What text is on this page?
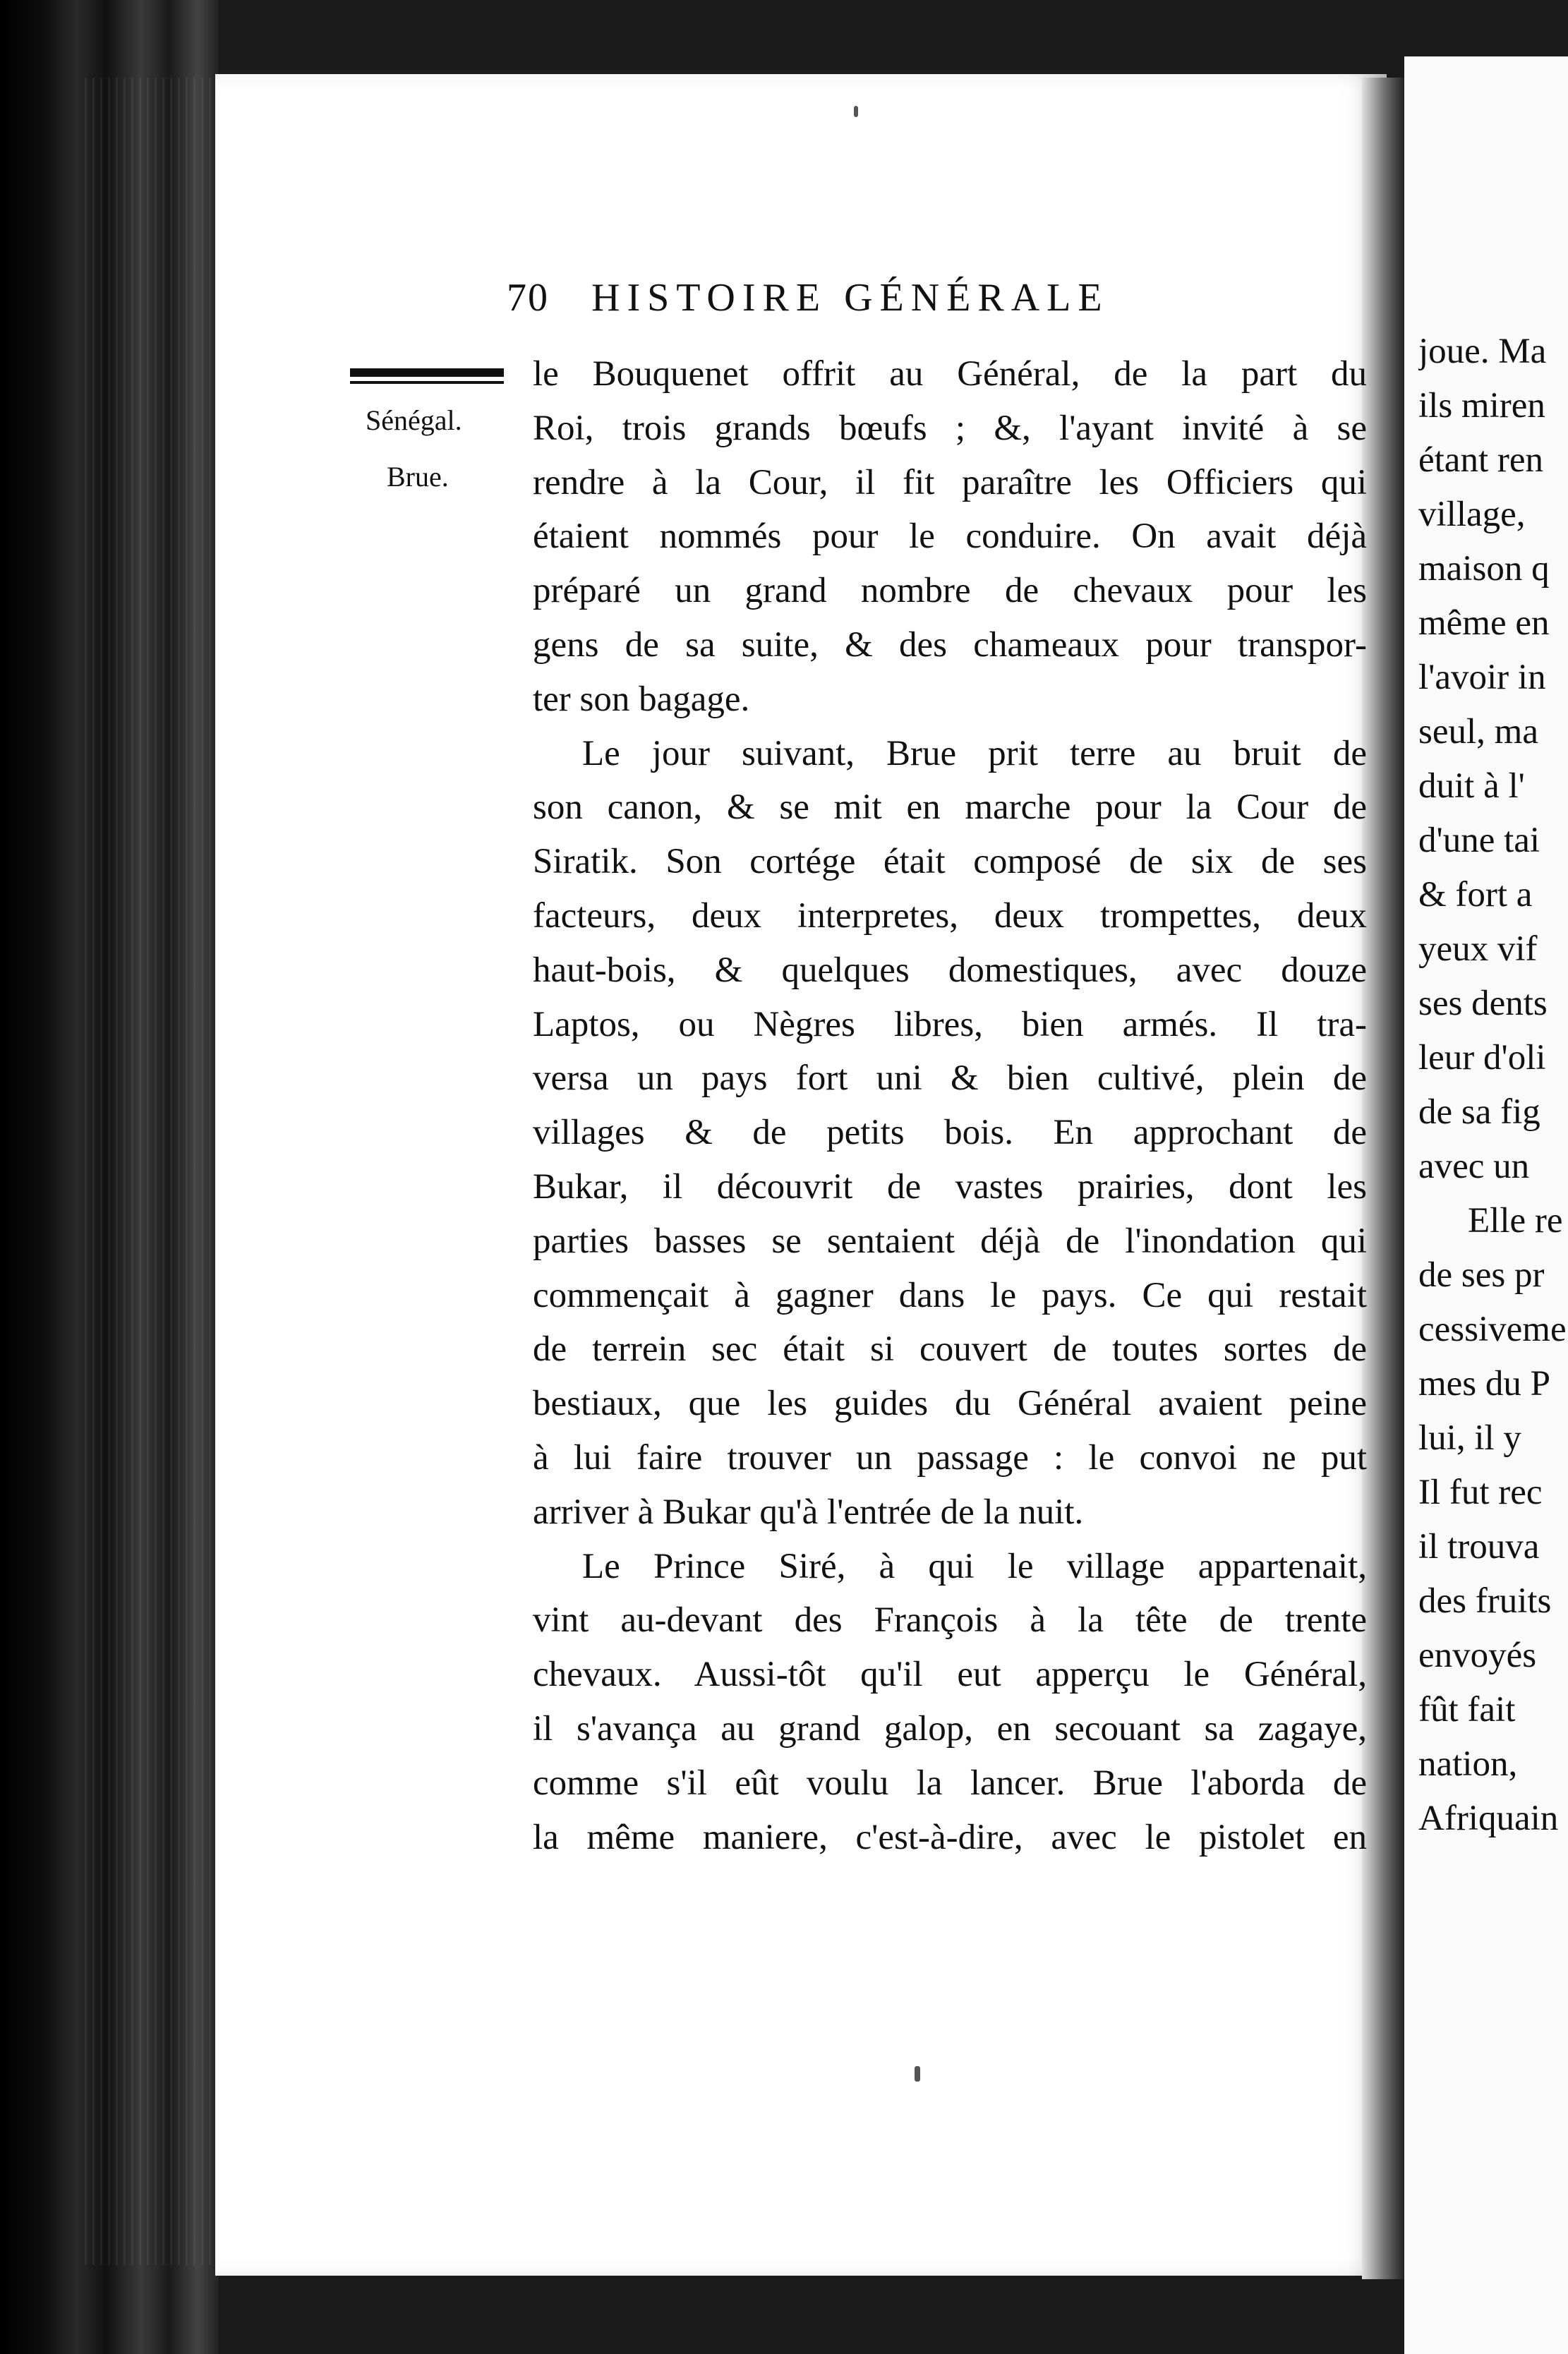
70 HISTOIRE GÉNÉRALE
Sénégal.
Brue.
le Bouquenet offrit au Général, de la part du
Roi, trois grands bœufs ; &, l'ayant invité à se
rendre à la Cour, il fit paraître les Officiers qui
étaient nommés pour le conduire. On avait déjà
préparé un grand nombre de chevaux pour les
gens de sa suite, & des chameaux pour transpor-
ter son bagage.
Le jour suivant, Brue prit terre au bruit de
son canon, & se mit en marche pour la Cour de
Siratik. Son cortége était composé de six de ses
facteurs, deux interpretes, deux trompettes, deux
haut-bois, & quelques domestiques, avec douze
Laptos, ou Nègres libres, bien armés. Il tra-
versa un pays fort uni & bien cultivé, plein de
villages & de petits bois. En approchant de
Bukar, il découvrit de vastes prairies, dont les
parties basses se sentaient déjà de l'inondation qui
commençait à gagner dans le pays. Ce qui restait
de terrein sec était si couvert de toutes sortes de
bestiaux, que les guides du Général avaient peine
à lui faire trouver un passage : le convoi ne put
arriver à Bukar qu'à l'entrée de la nuit.
Le Prince Siré, à qui le village appartenait,
vint au-devant des François à la tête de trente
chevaux. Aussi-tôt qu'il eut apperçu le Général,
il s'avança au grand galop, en secouant sa zagaye,
comme s'il eût voulu la lancer. Brue l'aborda de
la même maniere, c'est-à-dire, avec le pistolet en
joue. Ma
ils miren
étant ren
village,
maison q
même en
l'avoir in
seul, ma
duit à l'
d'une tai
& fort a
yeux vif
ses dents
leur d'oli
de sa fig
avec un
Elle re
de ses pr
cessiveme
mes du P
lui, il y
Il fut rec
il trouva
des fruits
envoyés
fût fait
nation,
Afriquain
